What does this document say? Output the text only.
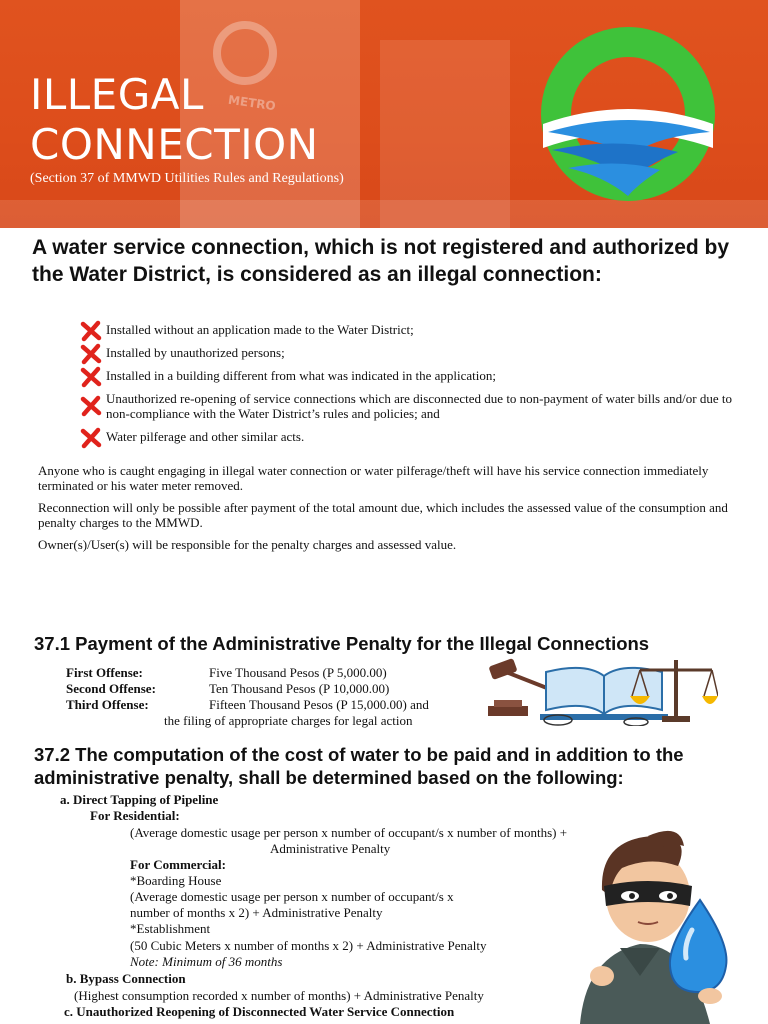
METRO
ILLEGAL
CONNECTION
(Section 37 of MMWD Utilities Rules and Regulations)
A water service connection, which is not registered and authorized by the Water District, is considered as an illegal connection:
Installed without an application made to the Water District;
Installed by unauthorized persons;
Installed in a building different from what was indicated in the application;
Unauthorized re-opening of service connections which are disconnected due to non-payment of water bills and/or due to non-compliance with the Water District’s rules and policies; and
Water pilferage and other similar acts.
Anyone who is caught engaging in illegal water connection or water pilferage/theft will have his service connection immediately terminated or his water meter removed.
Reconnection will only be possible after payment of the total amount due, which includes the assessed value of the consumption and penalty charges to the MMWD.
Owner(s)/User(s) will be responsible for the penalty charges and assessed value.
37.1 Payment of the Administrative Penalty for the Illegal Connections
First Offense:	Five Thousand Pesos (P 5,000.00)
Second Offense:	Ten Thousand Pesos (P 10,000.00)
Third Offense:	Fifteen Thousand Pesos (P 15,000.00) and
the filing of appropriate charges for legal action
37.2 The computation of the cost of water to be paid and in addition to the administrative penalty, shall be determined based on the following:
a. Direct Tapping of Pipeline
For Residential:
(Average domestic usage per person x number of occupant/s x number of months) +
Administrative Penalty
For Commercial:
*Boarding House
(Average domestic usage per person x number of occupant/s x
number of months x 2) + Administrative Penalty
*Establishment
(50 Cubic Meters x number of months x 2) + Administrative Penalty
Note: Minimum of 36 months
b. Bypass Connection
(Highest consumption recorded x number of months) + Administrative Penalty
c. Unauthorized Reopening of Disconnected Water Service Connection
